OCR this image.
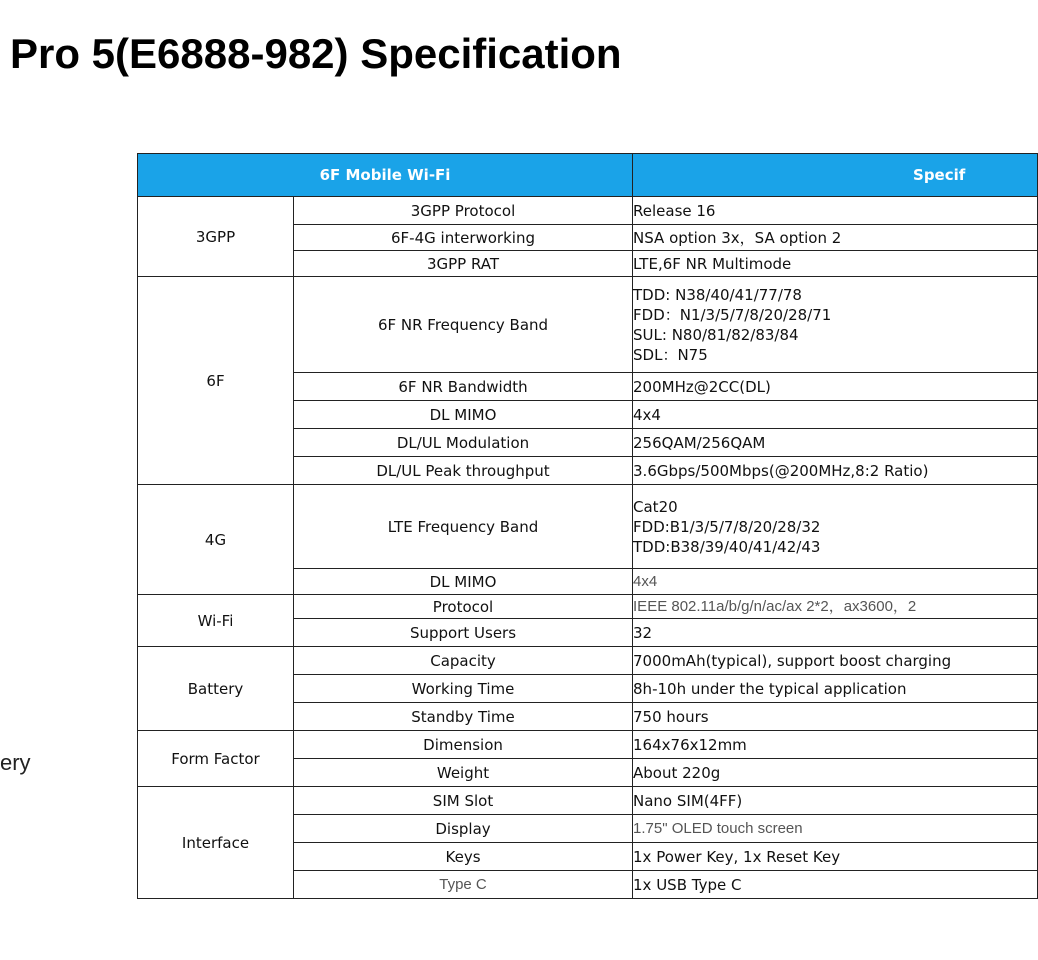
Pro 5(E6888-982) Specification
ery
6F Mobile Wi-Fi		Specif
3GPP	3GPP Protocol	Release 16

	6F-4G interworking	NSA option 3x，SA option 2

	3GPP RAT	LTE,6F NR Multimode

6F	6F NR Frequency Band	TDD: N38/40/41/77/78
FDD：N1/3/5/7/8/20/28/71
SUL: N80/81/82/83/84
SDL：N75

	6F NR Bandwidth	200MHz@2CC(DL)

	DL MIMO	4x4

	DL/UL Modulation	256QAM/256QAM

	DL/UL Peak throughput	3.6Gbps/500Mbps(@200MHz,8:2 Ratio)

4G	LTE Frequency Band	Cat20
FDD:B1/3/5/7/8/20/28/32
TDD:B38/39/40/41/42/43

	DL MIMO	4x4

Wi-Fi	Protocol	IEEE 802.11a/b/g/n/ac/ax 2*2，ax3600，2

	Support Users	32

Battery	Capacity	7000mAh(typical), support boost charging

	Working Time	8h-10h under the typical application

	Standby Time	750 hours

Form Factor	Dimension	164x76x12mm

	Weight	About 220g

Interface	SIM Slot	Nano SIM(4FF)

	Display	1.75" OLED touch screen

	Keys	1x Power Key, 1x Reset Key

	Type C	1x USB Type C
